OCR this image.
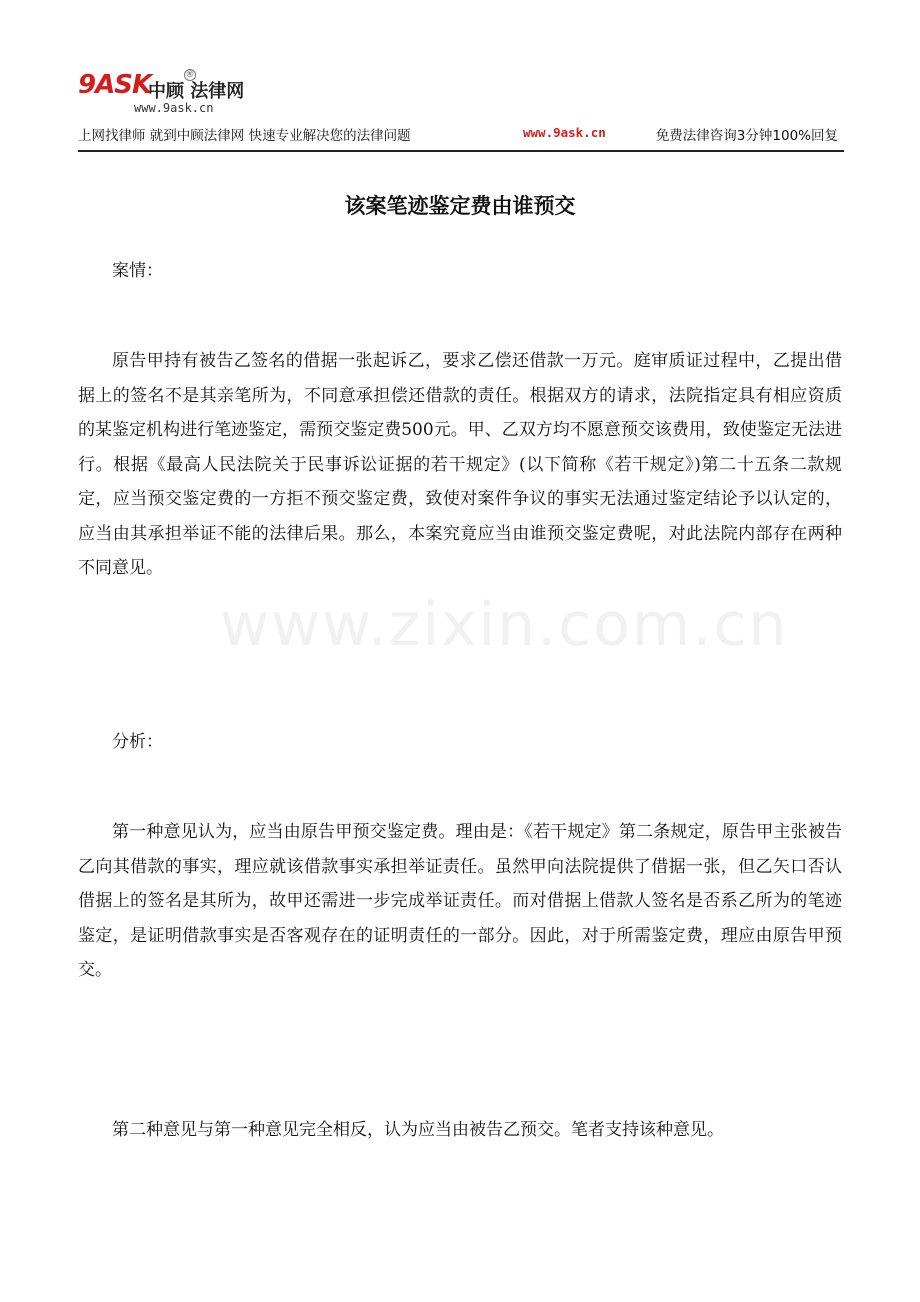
9ASK
中顾 法律网
®
www.9ask.cn
上网找律师 就到中顾法律网 快速专业解决您的法律问题	www.9ask.cn	免费法律咨询3分钟100%回复
www.zixin.com.cn
该案笔迹鉴定费由谁预交

案情：

原告甲持有被告乙签名的借据一张起诉乙，要求乙偿还借款一万元。庭审质证过程中，乙提出借据上的签名不是其亲笔所为，不同意承担偿还借款的责任。根据双方的请求，法院指定具有相应资质的某鉴定机构进行笔迹鉴定，需预交鉴定费500元。甲、乙双方均不愿意预交该费用，致使鉴定无法进行。根据《最高人民法院关于民事诉讼证据的若干规定》(以下简称《若干规定》)第二十五条二款规定，应当预交鉴定费的一方拒不预交鉴定费，致使对案件争议的事实无法通过鉴定结论予以认定的，应当由其承担举证不能的法律后果。那么，本案究竟应当由谁预交鉴定费呢，对此法院内部存在两种不同意见。

分析：

第一种意见认为，应当由原告甲预交鉴定费。理由是：《若干规定》第二条规定，原告甲主张被告乙向其借款的事实，理应就该借款事实承担举证责任。虽然甲向法院提供了借据一张，但乙矢口否认借据上的签名是其所为，故甲还需进一步完成举证责任。而对借据上借款人签名是否系乙所为的笔迹鉴定，是证明借款事实是否客观存在的证明责任的一部分。因此，对于所需鉴定费，理应由原告甲预交。

第二种意见与第一种意见完全相反，认为应当由被告乙预交。笔者支持该种意见。
